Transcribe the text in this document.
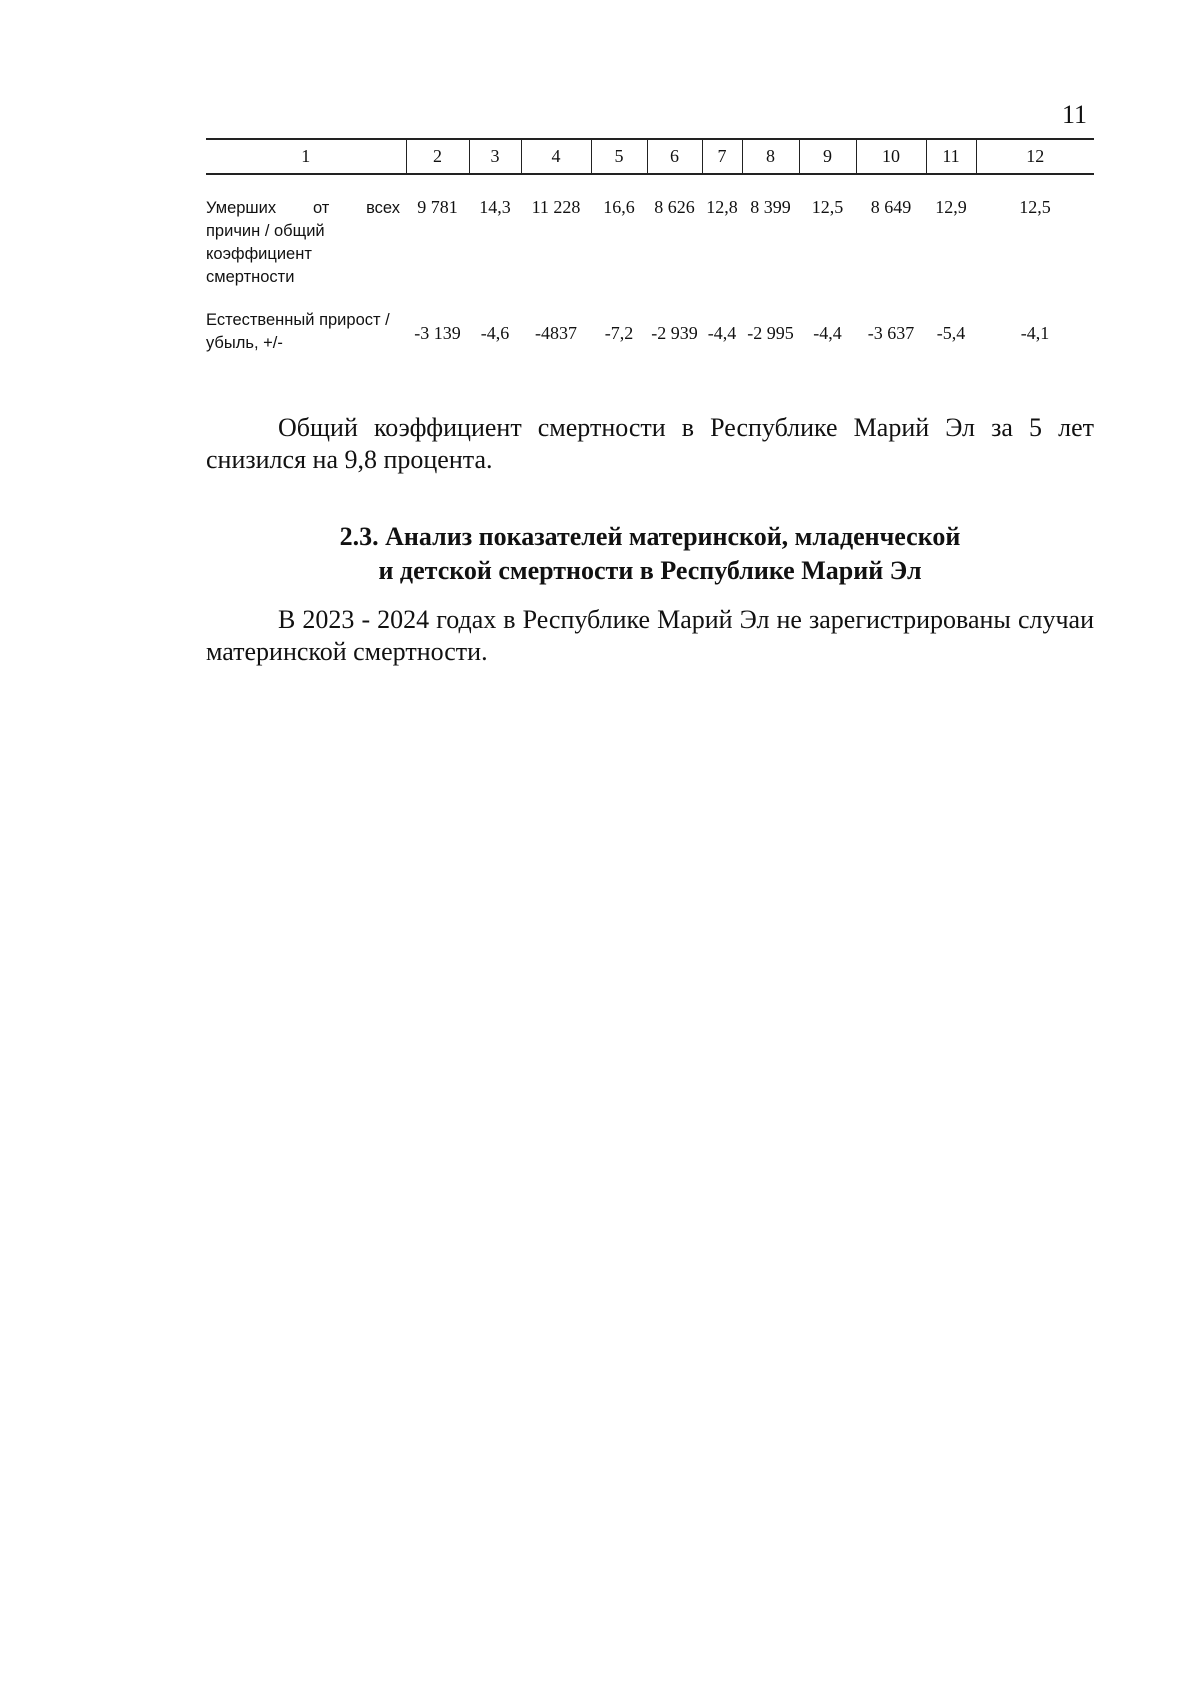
11
1	2	3	4	5	6	7	8	9	10	11	12
Умерших от всех
причин / общий коэффициент смертности	9 781	14,3	11 228	16,6	8 626	12,8	8 399	12,5	8 649	12,9	12,5
Естественный прирост / убыль, +/-	-3 139	-4,6	-4837	-7,2	-2 939	-4,4	-2 995	-4,4	-3 637	-5,4	-4,1

Общий коэффициент смертности в Республике Марий Эл за 5 лет снизился на 9,8 процента.

2.3. Анализ показателей материнской, младенческой
и детской смертности в Республике Марий Эл

В 2023 - 2024 годах в Республике Марий Эл не зарегистрированы случаи материнской смертности.
